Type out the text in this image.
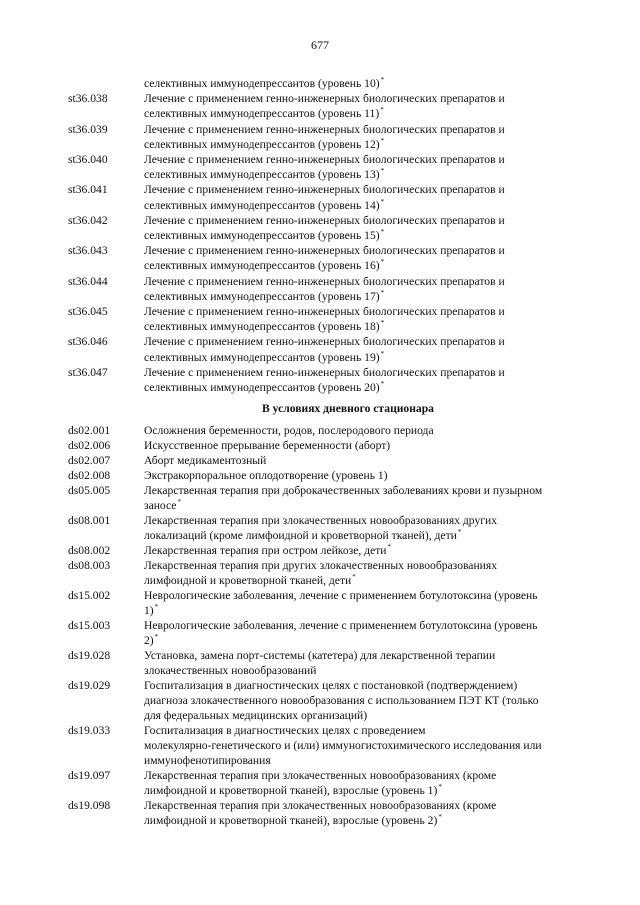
677
селективных иммунодепрессантов (уровень 10)*
st36.038	Лечение с применением генно-инженерных биологических препаратов и
селективных иммунодепрессантов (уровень 11)*
st36.039	Лечение с применением генно-инженерных биологических препаратов и
селективных иммунодепрессантов (уровень 12)*
st36.040	Лечение с применением генно-инженерных биологических препаратов и
селективных иммунодепрессантов (уровень 13)*
st36.041	Лечение с применением генно-инженерных биологических препаратов и
селективных иммунодепрессантов (уровень 14)*
st36.042	Лечение с применением генно-инженерных биологических препаратов и
селективных иммунодепрессантов (уровень 15)*
st36.043	Лечение с применением генно-инженерных биологических препаратов и
селективных иммунодепрессантов (уровень 16)*
st36.044	Лечение с применением генно-инженерных биологических препаратов и
селективных иммунодепрессантов (уровень 17)*
st36.045	Лечение с применением генно-инженерных биологических препаратов и
селективных иммунодепрессантов (уровень 18)*
st36.046	Лечение с применением генно-инженерных биологических препаратов и
селективных иммунодепрессантов (уровень 19)*
st36.047	Лечение с применением генно-инженерных биологических препаратов и
селективных иммунодепрессантов (уровень 20)*
В условиях дневного стационара
ds02.001	Осложнения беременности, родов, послеродового периода
ds02.006	Искусственное прерывание беременности (аборт)
ds02.007	Аборт медикаментозный
ds02.008	Экстракорпоральное оплодотворение (уровень 1)
ds05.005	Лекарственная терапия при доброкачественных заболеваниях крови и пузырном
заносе*
ds08.001	Лекарственная терапия при злокачественных новообразованиях других
локализаций (кроме лимфоидной и кроветворной тканей), дети*
ds08.002	Лекарственная терапия при остром лейкозе, дети*
ds08.003	Лекарственная терапия при других злокачественных новообразованиях
лимфоидной и кроветворной тканей, дети*
ds15.002	Неврологические заболевания, лечение с применением ботулотоксина (уровень
1)*
ds15.003	Неврологические заболевания, лечение с применением ботулотоксина (уровень
2)*
ds19.028	Установка, замена порт-системы (катетера) для лекарственной терапии
злокачественных новообразований
ds19.029	Госпитализация в диагностических целях с постановкой (подтверждением)
диагноза злокачественного новообразования с использованием ПЭТ КТ (только
для федеральных медицинских организаций)
ds19.033	Госпитализация в диагностических целях с проведением
молекулярно-генетического и (или) иммуногистохимического исследования или
иммунофенотипирования
ds19.097	Лекарственная терапия при злокачественных новообразованиях (кроме
лимфоидной и кроветворной тканей), взрослые (уровень 1)*
ds19.098	Лекарственная терапия при злокачественных новообразованиях (кроме
лимфоидной и кроветворной тканей), взрослые (уровень 2)*
